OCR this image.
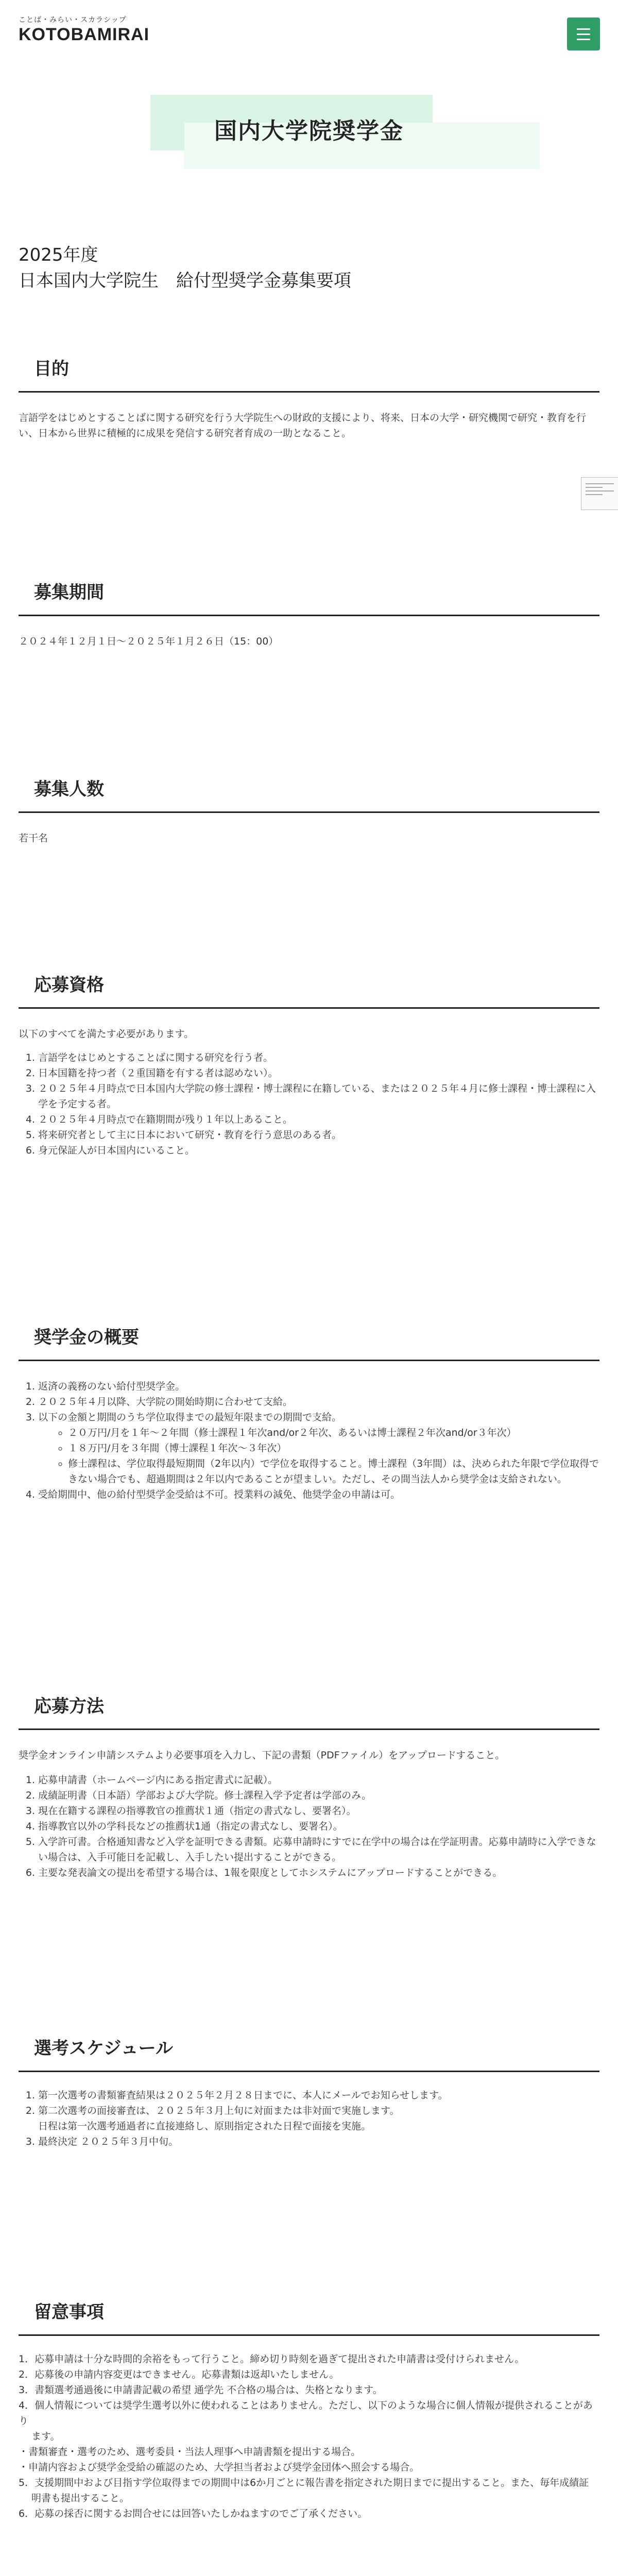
ことば・みらい・スカラシップ
KOTOBAMIRAI
国内大学院奨学金
2025年度
日本国内大学院生　給付型奨学金募集要項
目的

言語学をはじめとすることばに関する研究を行う大学院生への財政的支援により、将来、日本の大学・研究機関で研究・教育を行い、日本から世界に積極的に成果を発信する研究者育成の一助となること。

募集期間

２０２４年１２月１日〜２０２５年１月２６日（15：00）

募集人数

若干名

応募資格

以下のすべてを満たす必要があります。

1. 言語学をはじめとすることばに関する研究を行う者。
2. 日本国籍を持つ者（２重国籍を有する者は認めない）。
3. ２０２５年４月時点で日本国内大学院の修士課程・博士課程に在籍している、または２０２５年４月に修士課程・博士課程に入学を予定する者。
4. ２０２５年４月時点で在籍期間が残り１年以上あること。
5. 将来研究者として主に日本において研究・教育を行う意思のある者。
6. 身元保証人が日本国内にいること。
奨学金の概要
1. 返済の義務のない給付型奨学金。
2. ２０２５年４月以降、大学院の開始時期に合わせて支給。
3. 以下の金額と期間のうち学位取得までの最短年限までの期間で支給。
◦ ２０万円/月を１年〜２年間（修士課程１年次and/or２年次、あるいは博士課程２年次and/or３年次）
◦ １８万円/月を３年間（博士課程１年次〜３年次）
◦ 修士課程は、学位取得最短期間（2年以内）で学位を取得すること。博士課程（3年間）は、決められた年限で学位取得できない場合でも、超過期間は２年以内であることが望ましい。ただし、その間当法人から奨学金は支給されない。
4. 受給期間中、他の給付型奨学金受給は不可。授業料の減免、他奨学金の申請は可。
応募方法

奨学金オンライン申請システムより必要事項を入力し、下記の書類（PDFファイル）をアップロードすること。

1. 応募申請書（ホームページ内にある指定書式に記載）。
2. 成績証明書（日本語）学部および大学院。修士課程入学予定者は学部のみ。
3. 現在在籍する課程の指導教官の推薦状１通（指定の書式なし、要署名）。
4. 指導教官以外の学科長などの推薦状1通（指定の書式なし、要署名）。
5. 入学許可書。合格通知書など入学を証明できる書類。応募申請時にすでに在学中の場合は在学証明書。応募申請時に入学できない場合は、入手可能日を記載し、入手したい提出することができる。
6. 主要な発表論文の提出を希望する場合は、1報を限度としてホシステムにアップロードすることができる。
選考スケジュール
1. 第一次選考の書類審査結果は２０２５年２月２８日までに、本人にメールでお知らせします。
2. 第二次選考の面接審査は、２０２５年３月上旬に対面または非対面で実施します。
日程は第一次選考通過者に直接連絡し、原則指定された日程で面接を実施。
3. 最終決定 ２０２５年３月中旬。
留意事項

1．応募申請は十分な時間的余裕をもって行うこと。締め切り時刻を過ぎて提出された申請書は受付けられません。

2．応募後の申請内容変更はできません。応募書類は返却いたしません。

3．書類選考通過後に申請書記載の希望 通学先 不合格の場合は、失格となります。

4．個人情報については奨学生選考以外に使われることはありません。ただし、以下のような場合に個人情報が提供されることがあり

　 ます。

・書類審査・選考のため、選考委員・当法人理事へ申請書類を提出する場合。

・申請内容および奨学金受給の確認のため、大学担当者および奨学金団体へ照会する場合。

5．支援期間中および目指す学位取得までの期間中は6か月ごとに報告書を指定された期日までに提出すること。また、毎年成績証

　 明書も提出すること。

6．応募の採否に関するお問合せには回答いたしかねますのでご了承ください。
